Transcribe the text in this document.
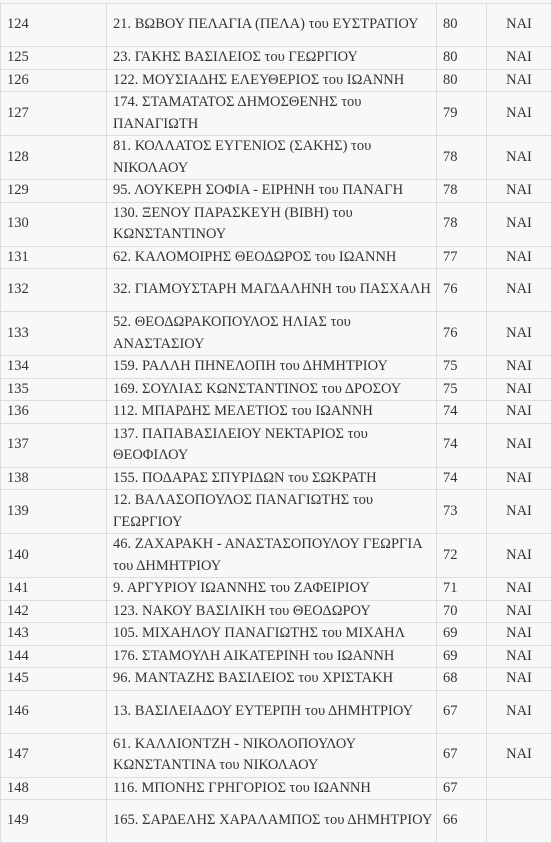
124	21. ΒΩΒΟΥ ΠΕΛΑΓΙΑ (ΠΕΛΑ) του ΕΥΣΤΡΑΤΙΟΥ	80	ΝΑΙ
125	23. ΓΑΚΗΣ ΒΑΣΙΛΕΙΟΣ του ΓΕΩΡΓΙΟΥ	80	ΝΑΙ
126	122. ΜΟΥΣΙΑΔΗΣ ΕΛΕΥΘΕΡΙΟΣ του ΙΩΑΝΝΗ	80	ΝΑΙ
127	174. ΣΤΑΜΑΤΑΤΟΣ ΔΗΜΟΣΘΕΝΗΣ του ΠΑΝΑΓΙΩΤΗ	79	ΝΑΙ
128	81. ΚΟΛΛΑΤΟΣ ΕΥΓΕΝΙΟΣ (ΣΑΚΗΣ) του ΝΙΚΟΛΑΟΥ	78	ΝΑΙ
129	95. ΛΟΥΚΕΡΗ ΣΟΦΙΑ - ΕΙΡΗΝΗ του ΠΑΝΑΓΗ	78	ΝΑΙ
130	130. ΞΕΝΟΥ ΠΑΡΑΣΚΕΥΗ (ΒΙΒΗ) του ΚΩΝΣΤΑΝΤΙΝΟΥ	78	ΝΑΙ
131	62. ΚΑΛΟΜΟΙΡΗΣ ΘΕΟΔΩΡΟΣ του ΙΩΑΝΝΗ	77	ΝΑΙ
132	32. ΓΙΑΜΟΥΣΤΑΡΗ ΜΑΓΔΑΛΗΝΗ του ΠΑΣΧΑΛΗ	76	ΝΑΙ
133	52. ΘΕΟΔΩΡΑΚΟΠΟΥΛΟΣ ΗΛΙΑΣ του ΑΝΑΣΤΑΣΙΟΥ	76	ΝΑΙ
134	159. ΡΑΛΛΗ ΠΗΝΕΛΟΠΗ του ΔΗΜΗΤΡΙΟΥ	75	ΝΑΙ
135	169. ΣΟΥΛΙΑΣ ΚΩΝΣΤΑΝΤΙΝΟΣ του ΔΡΟΣΟΥ	75	ΝΑΙ
136	112. ΜΠΑΡΔΗΣ ΜΕΛΕΤΙΟΣ του ΙΩΑΝΝΗ	74	ΝΑΙ
137	137. ΠΑΠΑΒΑΣΙΛΕΙΟΥ ΝΕΚΤΑΡΙΟΣ του ΘΕΟΦΙΛΟΥ	74	ΝΑΙ
138	155. ΠΟΔΑΡΑΣ ΣΠΥΡΙΔΩΝ του ΣΩΚΡΑΤΗ	74	ΝΑΙ
139	12. ΒΑΛΑΣΟΠΟΥΛΟΣ ΠΑΝΑΓΙΩΤΗΣ του ΓΕΩΡΓΙΟΥ	73	ΝΑΙ
140	46. ΖΑΧΑΡΑΚΗ - ΑΝΑΣΤΑΣΟΠΟΥΛΟΥ ΓΕΩΡΓΙΑ του ΔΗΜΗΤΡΙΟΥ	72	ΝΑΙ
141	9. ΑΡΓΥΡΙΟΥ ΙΩΑΝΝΗΣ του ΖΑΦΕΙΡΙΟΥ	71	ΝΑΙ
142	123. ΝΑΚΟΥ ΒΑΣΙΛΙΚΗ του ΘΕΟΔΩΡΟΥ	70	ΝΑΙ
143	105. ΜΙΧΑΗΛΟΥ ΠΑΝΑΓΙΩΤΗΣ του ΜΙΧΑΗΛ	69	ΝΑΙ
144	176. ΣΤΑΜΟΥΛΗ ΑΙΚΑΤΕΡΙΝΗ του ΙΩΑΝΝΗ	69	ΝΑΙ
145	96. ΜΑΝΤΑΖΗΣ ΒΑΣΙΛΕΙΟΣ του ΧΡΙΣΤΑΚΗ	68	ΝΑΙ
146	13. ΒΑΣΙΛΕΙΑΔΟΥ ΕΥΤΕΡΠΗ του ΔΗΜΗΤΡΙΟΥ	67	ΝΑΙ
147	61. ΚΑΛΛΙΟΝΤΖΗ - ΝΙΚΟΛΟΠΟΥΛΟΥ ΚΩΝΣΤΑΝΤΙΝΑ του ΝΙΚΟΛΑΟΥ	67	ΝΑΙ
148	116. ΜΠΟΝΗΣ ΓΡΗΓΟΡΙΟΣ του ΙΩΑΝΝΗ	67	
149	165. ΣΑΡΔΕΛΗΣ ΧΑΡΑΛΑΜΠΟΣ του ΔΗΜΗΤΡΙΟΥ	66	
